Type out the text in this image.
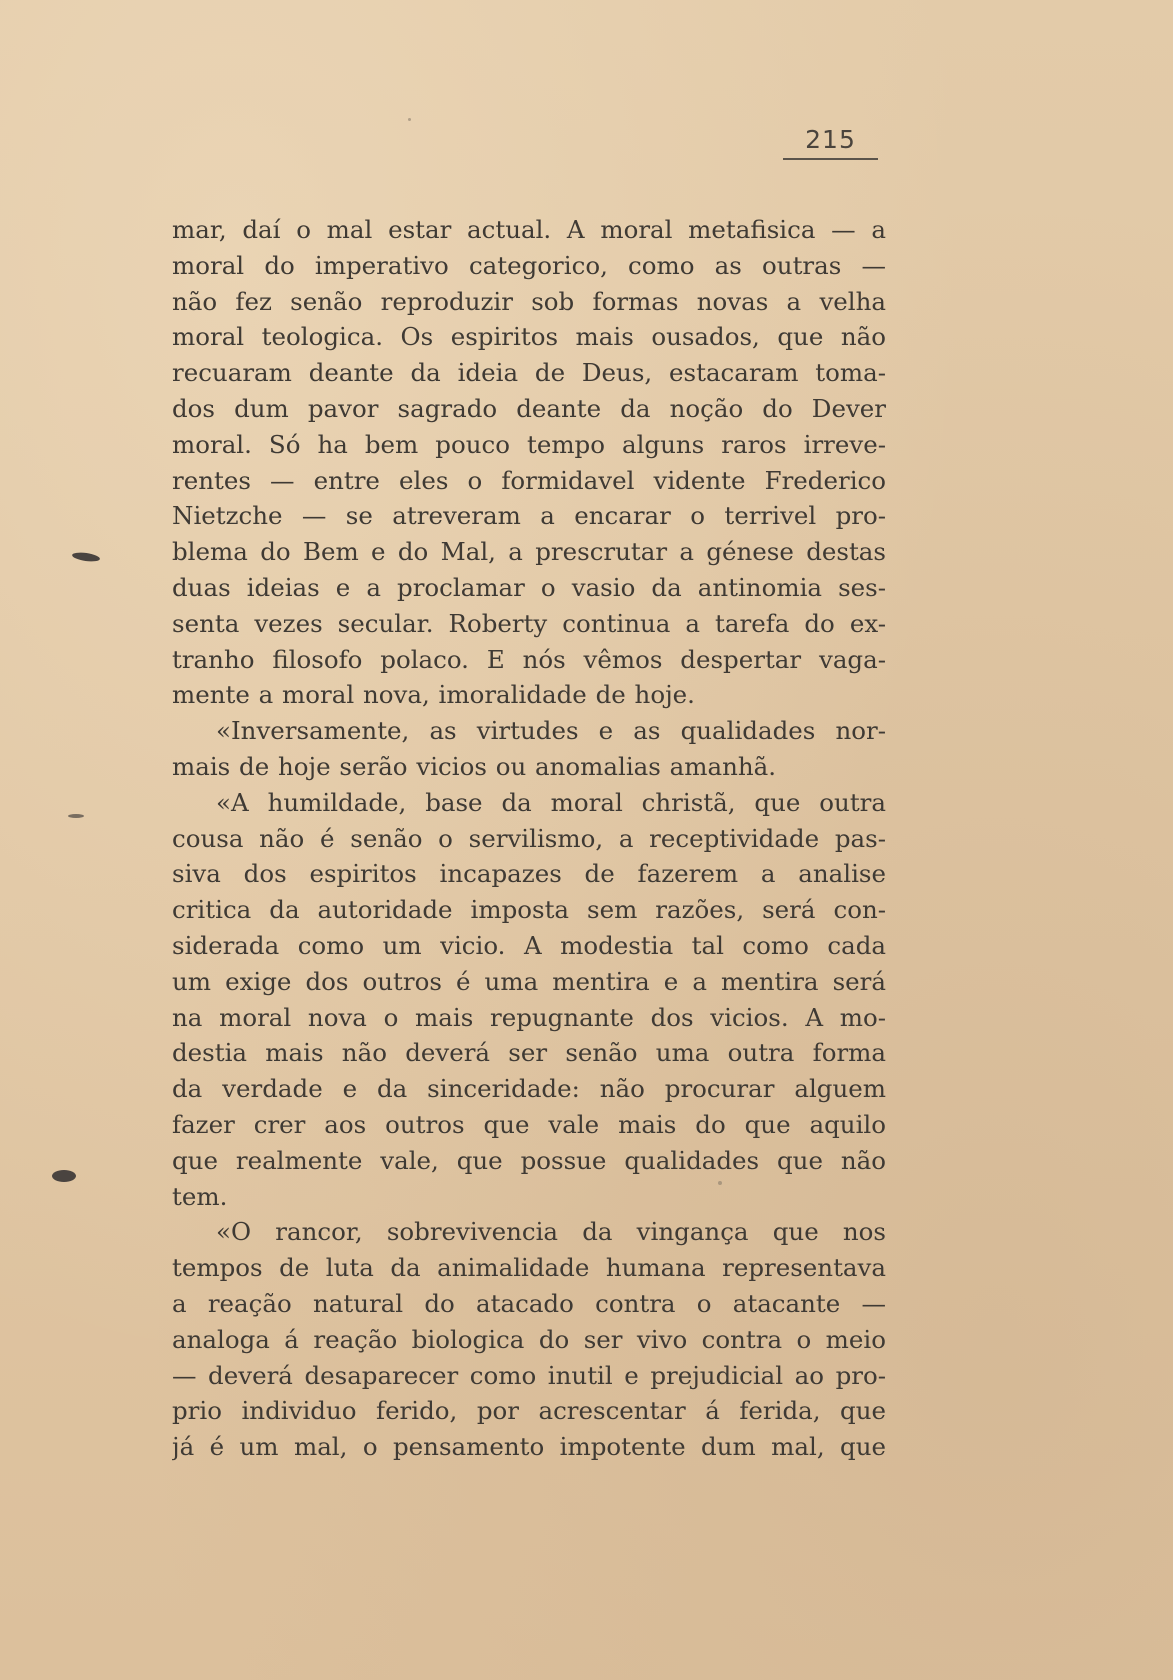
215
mar, daí o mal estar actual. A moral metafisica — a
moral do imperativo categorico, como as outras —
não fez senão reproduzir sob formas novas a velha
moral teologica. Os espiritos mais ousados, que não
recuaram deante da ideia de Deus, estacaram toma-
dos dum pavor sagrado deante da noção do Dever
moral. Só ha bem pouco tempo alguns raros irreve-
rentes — entre eles o formidavel vidente Frederico
Nietzche — se atreveram a encarar o terrivel pro-
blema do Bem e do Mal, a prescrutar a génese destas
duas ideias e a proclamar o vasio da antinomia ses-
senta vezes secular. Roberty continua a tarefa do ex-
tranho filosofo polaco. E nós vêmos despertar vaga-
mente a moral nova, imoralidade de hoje.
«Inversamente, as virtudes e as qualidades nor-
mais de hoje serão vicios ou anomalias amanhã.
«A humildade, base da moral christã, que outra
cousa não é senão o servilismo, a receptividade pas-
siva dos espiritos incapazes de fazerem a analise
critica da autoridade imposta sem razões, será con-
siderada como um vicio. A modestia tal como cada
um exige dos outros é uma mentira e a mentira será
na moral nova o mais repugnante dos vicios. A mo-
destia mais não deverá ser senão uma outra forma
da verdade e da sinceridade: não procurar alguem
fazer crer aos outros que vale mais do que aquilo
que realmente vale, que possue qualidades que não
tem.
«O rancor, sobrevivencia da vingança que nos
tempos de luta da animalidade humana representava
a reação natural do atacado contra o atacante —
analoga á reação biologica do ser vivo contra o meio
— deverá desaparecer como inutil e prejudicial ao pro-
prio individuo ferido, por acrescentar á ferida, que
já é um mal, o pensamento impotente dum mal, que
